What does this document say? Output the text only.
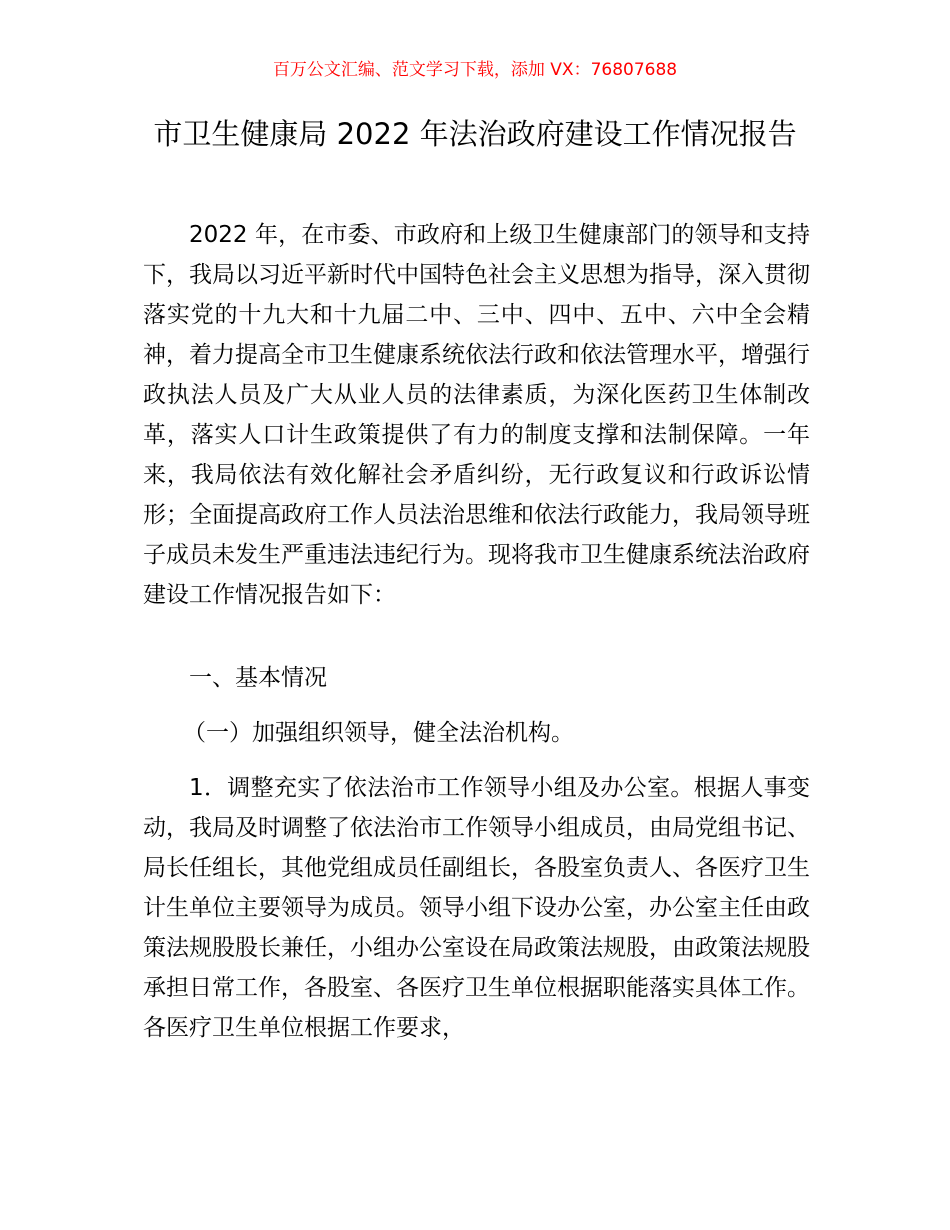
百万公文汇编、范文学习下载，添加 VX：76807688
市卫生健康局 2022 年法治政府建设工作情况报告

2022 年，在市委、市政府和上级卫生健康部门的领导和支持下，我局以习近平新时代中国特色社会主义思想为指导，深入贯彻落实党的十九大和十九届二中、三中、四中、五中、六中全会精神，着力提高全市卫生健康系统依法行政和依法管理水平，增强行政执法人员及广大从业人员的法律素质，为深化医药卫生体制改革，落实人口计生政策提供了有力的制度支撑和法制保障。一年来，我局依法有效化解社会矛盾纠纷，无行政复议和行政诉讼情形；全面提高政府工作人员法治思维和依法行政能力，我局领导班子成员未发生严重违法违纪行为。现将我市卫生健康系统法治政府建设工作情况报告如下：

一、基本情况

（一）加强组织领导，健全法治机构。

1．调整充实了依法治市工作领导小组及办公室。根据人事变动，我局及时调整了依法治市工作领导小组成员，由局党组书记、局长任组长，其他党组成员任副组长，各股室负责人、各医疗卫生计生单位主要领导为成员。领导小组下设办公室，办公室主任由政策法规股股长兼任，小组办公室设在局政策法规股，由政策法规股承担日常工作，各股室、各医疗卫生单位根据职能落实具体工作。各医疗卫生单位根据工作要求，
